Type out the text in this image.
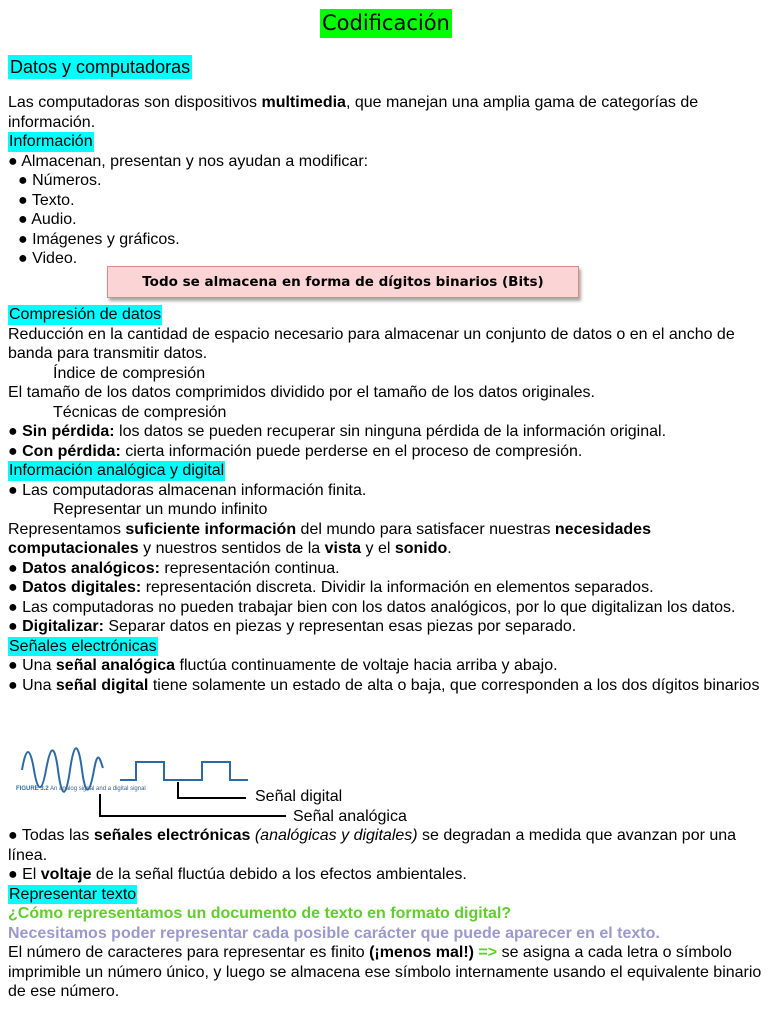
Codificación
Datos y computadoras

Las computadoras son dispositivos multimedia, que manejan una amplia gama de categorías de información.

Información

● Almacenan, presentan y nos ayudan a modificar:

● Números.

● Texto.

● Audio.

● Imágenes y gráficos.

● Video.

Todo se almacena en forma de dígitos binarios (Bits)

Compresión de datos

Reducción en la cantidad de espacio necesario para almacenar un conjunto de datos o en el ancho de banda para transmitir datos.

Índice de compresión

El tamaño de los datos comprimidos dividido por el tamaño de los datos originales.

Técnicas de compresión

● Sin pérdida: los datos se pueden recuperar sin ninguna pérdida de la información original.

● Con pérdida: cierta información puede perderse en el proceso de compresión.

Información analógica y digital

● Las computadoras almacenan información finita.

Representar un mundo infinito

Representamos suficiente información del mundo para satisfacer nuestras necesidades computacionales y nuestros sentidos de la vista y el sonido.

● Datos analógicos: representación continua.

● Datos digitales: representación discreta. Dividir la información en elementos separados.

● Las computadoras no pueden trabajar bien con los datos analógicos, por lo que digitalizan los datos.

● Digitalizar: Separar datos en piezas y representan esas piezas por separado.

Señales electrónicas

● Una señal analógica fluctúa continuamente de voltaje hacia arriba y abajo.

● Una señal digital tiene solamente un estado de alta o baja, que corresponden a los dos dígitos binarios

FIGURE 3.2 An analog signal and a digital signal	Señal digital
Señal analógica

● Todas las señales electrónicas (analógicas y digitales) se degradan a medida que avanzan por una línea.

● El voltaje de la señal fluctúa debido a los efectos ambientales.

Representar texto

¿Cómo representamos un documento de texto en formato digital?

Necesitamos poder representar cada posible carácter que puede aparecer en el texto.

El número de caracteres para representar es finito (¡menos mal!) => se asigna a cada letra o símbolo imprimible un número único, y luego se almacena ese símbolo internamente usando el equivalente binario de ese número.
